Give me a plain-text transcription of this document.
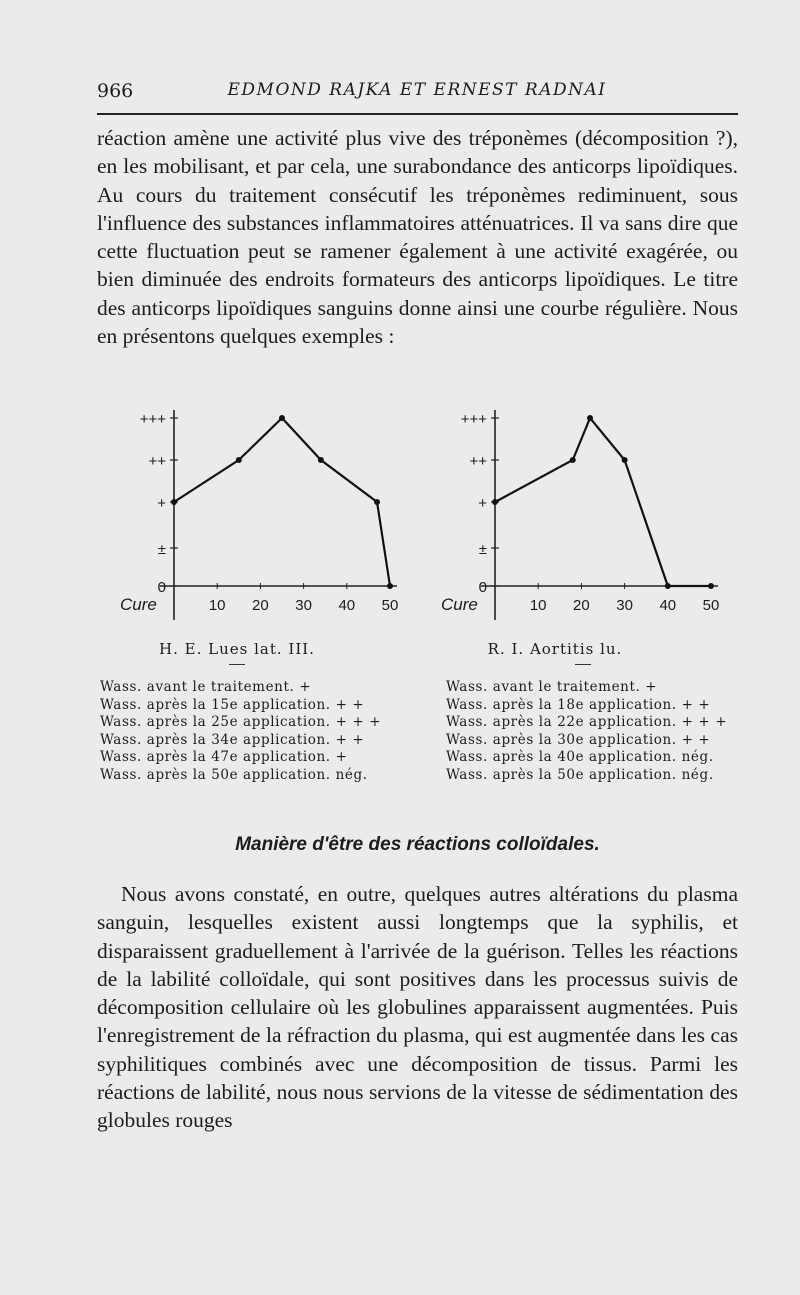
966	EDMOND RAJKA ET ERNEST RADNAI

réaction amène une activité plus vive des tréponèmes (décomposition ?), en les mobilisant, et par cela, une surabondance des anticorps lipoïdiques. Au cours du traitement consécutif les tréponèmes rediminuent, sous l'influence des substances inflammatoires atténuatrices. Il va sans dire que cette fluctuation peut se ramener également à une activité exagérée, ou bien diminuée des endroits formateurs des anticorps lipoïdiques. Le titre des anticorps lipoïdiques sanguins donne ainsi une courbe régulière. Nous en présentons quelques exemples :

0
±
+
++
+++
10 20 30 40 50
Cure
0
±
+
++
+++
10 20 30 40 50
Cure
H. E. Lues lat. III.	R. I. Aortitis lu.
Wass. avant le traitement. +
Wass. après la 15e application. + +
Wass. après la 25e application. + + +
Wass. après la 34e application. + +
Wass. après la 47e application. +
Wass. après la 50e application. nég.
Wass. avant le traitement. +
Wass. après la 18e application. + +
Wass. après la 22e application. + + +
Wass. après la 30e application. + +
Wass. après la 40e application. nég.
Wass. après la 50e application. nég.
Manière d'être des réactions colloïdales.

Nous avons constaté, en outre, quelques autres altérations du plasma sanguin, lesquelles existent aussi longtemps que la syphilis, et disparaissent graduellement à l'arrivée de la guérison. Telles les réactions de la labilité colloïdale, qui sont positives dans les processus suivis de décomposition cellulaire où les globulines apparaissent augmentées. Puis l'enregistrement de la réfraction du plasma, qui est augmentée dans les cas syphilitiques combinés avec une décomposition de tissus. Parmi les réactions de labilité, nous nous servions de la vitesse de sédimentation des globules rouges
